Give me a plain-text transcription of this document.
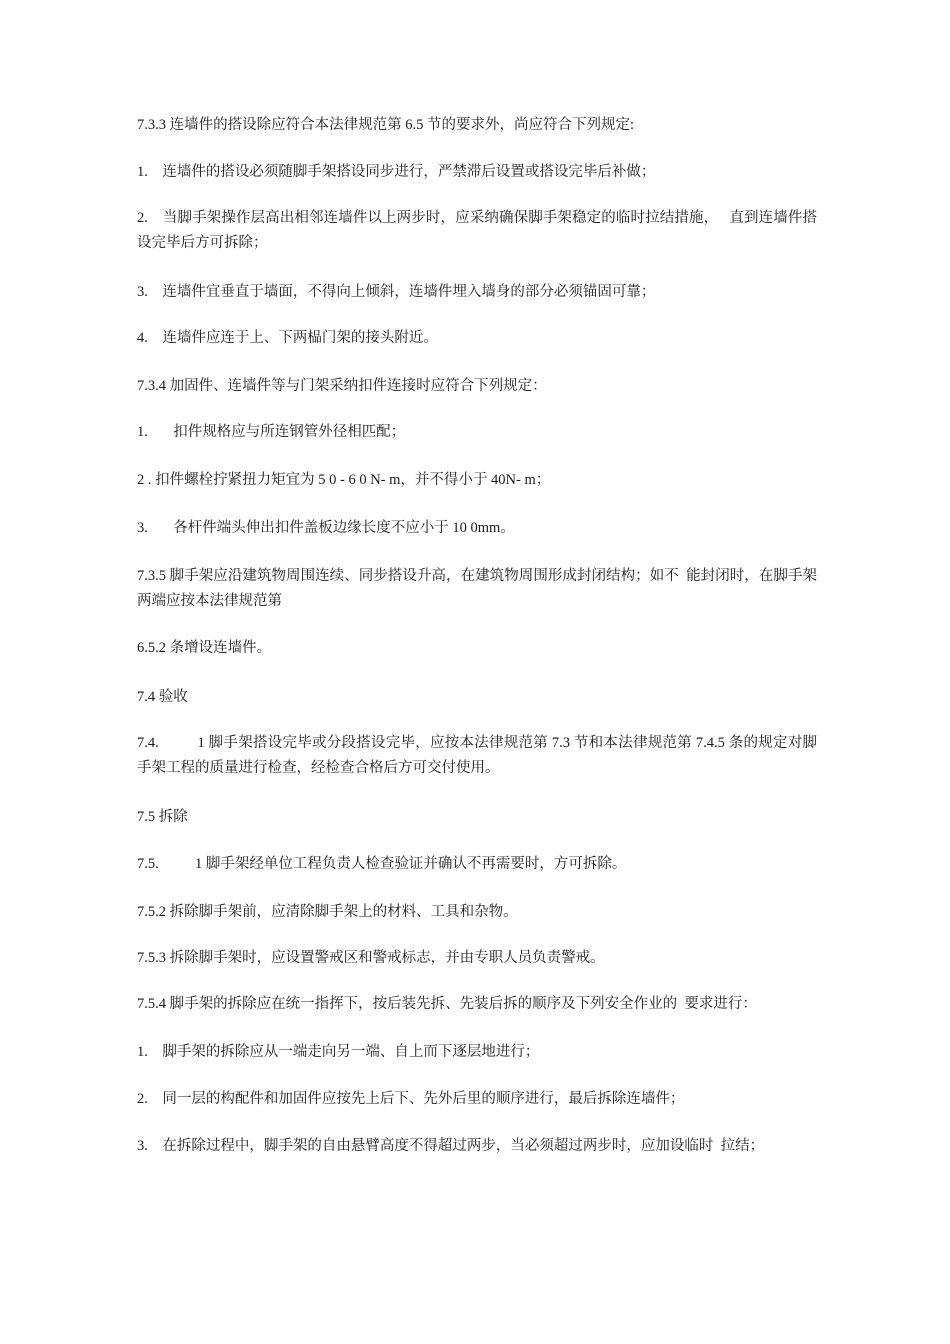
7.3.3 连墙件的搭设除应符合本法律规范第 6.5 节的要求外，尚应符合下列规定:

1.    连墙件的搭设必须随脚手架搭设同步进行，严禁滞后设置或搭设完毕后补做；

2.    当脚手架操作层高出相邻连墙件以上两步时，应采纳确保脚手架稳定的临时拉结措施，   直到连墙件搭设完毕后方可拆除；

3.    连墙件宜垂直于墙面，不得向上倾斜，连墙件埋入墙身的部分必须锚固可靠；

4.    连墙件应连于上、下两榀门架的接头附近。

7.3.4 加固件、连墙件等与门架采纳扣件连接时应符合下列规定：

1.       扣件规格应与所连钢管外径相匹配；

2 . 扣件螺栓拧紧扭力矩宜为 5 0 - 6 0 N- m，并不得小于 40N- m；

3.       各杆件端头伸出扣件盖板边缘长度不应小于 10 0mm。

7.3.5 脚手架应沿建筑物周围连续、同步搭设升高，在建筑物周围形成封闭结构；如不  能封闭时，在脚手架两端应按本法律规范第

6.5.2 条增设连墙件。

7.4 验收

7.4.          1 脚手架搭设完毕或分段搭设完毕，应按本法律规范第 7.3 节和本法律规范第 7.4.5 条的规定对脚手架工程的质量进行检查，经检查合格后方可交付使用。

7.5 拆除

7.5.          1 脚手架经单位工程负责人检查验证并确认不再需要时，方可拆除。

7.5.2 拆除脚手架前，应清除脚手架上的材料、工具和杂物。

7.5.3 拆除脚手架时，应设置警戒区和警戒标志，并由专职人员负责警戒。

7.5.4 脚手架的拆除应在统一指挥下，按后装先拆、先装后拆的顺序及下列安全作业的  要求进行：

1.    脚手架的拆除应从一端走向另一端、自上而下逐层地进行；

2.    同一层的构配件和加固件应按先上后下、先外后里的顺序进行，最后拆除连墙件；

3.    在拆除过程中，脚手架的自由悬臂高度不得超过两步，当必须超过两步时，应加设临时  拉结；
